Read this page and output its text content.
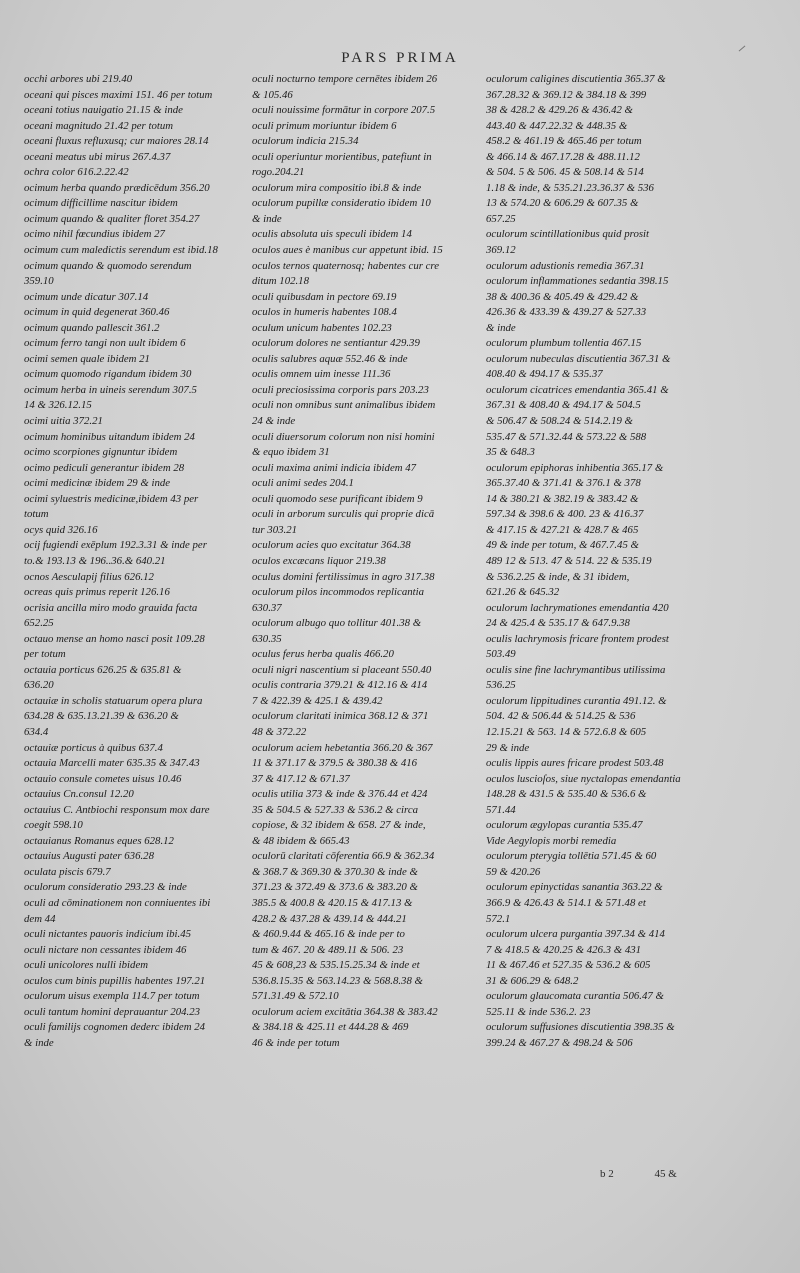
PARS PRIMA
occhi arbores ubi 219.40
oceani qui pisces maximi 151. 46 per totum
oceani totius nauigatio 21.15 & inde
oceani magnitudo 21.42 per totum
oceani fluxus refluxusq; cur maiores 28.14
oceani meatus ubi mirus 267.4.37
ochra color 616.2.22.42
ocimum herba quando prædicēdum 356.20
ocimum difficillime nascitur ibidem
ocimum quando & qualiter floret 354.27
ocimo nihil fœcundius ibidem 27
ocimum cum maledictis serendum est ibid.18
ocimum quando & quomodo serendum
359.10
ocimum unde dicatur 307.14
ocimum in quid degenerat 360.46
ocimum quando pallescit 361.2
ocimum ferro tangi non uult ibidem 6
ocimi semen quale ibidem 21
ocimum quomodo rigandum ibidem 30
ocimum herba in uineis serendum 307.5
14 & 326.12.15
ocimi uitia 372.21
ocimum hominibus uitandum ibidem 24
ocimo scorpiones gignuntur ibidem
ocimo pediculi generantur ibidem 28
ocimi medicinæ ibidem 29 & inde
ocimi syluestris medicinæ,ibidem 43 per
totum
ocys quid 326.16
ocij fugiendi exēplum 192.3.31 & inde per
to.& 193.13 & 196..36.& 640.21
ocnos Aesculapij filius 626.12
ocreas quis primus reperit 126.16
ocrisia ancilla miro modo grauida facta
652.25
octauo mense an homo nasci posit 109.28
per totum
octauia porticus 626.25 & 635.81 &
636.20
octauiæ in scholis statuarum opera plura
634.28 & 635.13.21.39 & 636.20 &
634.4
octauiæ porticus à quibus 637.4
octauia Marcelli mater 635.35 & 347.43
octauio consule cometes uisus 10.46
octauius Cn.consul 12.20
octauius C. Antbiochi responsum mox dare
coegit 598.10
octauianus Romanus eques 628.12
octauius Augusti pater 636.28
oculata piscis 679.7
oculorum consideratio 293.23 & inde
oculi ad cōminationem non conniuentes ibi
dem 44
oculi nictantes pauoris indicium ibi.45
oculi nictare non cessantes ibidem 46
oculi unicolores nulli ibidem
oculos cum binis pupillis habentes 197.21
oculorum uisus exempla 114.7 per totum
oculi tantum homini deprauantur 204.23
oculi familijs cognomen dederc ibidem 24
& inde
oculi nocturno tempore cernētes ibidem 26
& 105.46
oculi nouissime formātur in corpore 207.5
oculi primum moriuntur ibidem 6
oculorum indicia 215.34
oculi operiuntur morientibus, patefiunt in
rogo.204.21
oculorum mira compositio ibi.8 & inde
oculorum pupillæ consideratio ibidem 10
& inde
oculis absoluta uis speculi ibidem 14
oculos aues è manibus cur appetunt ibid. 15
oculos ternos quaternosq; habentes cur cre
ditum 102.18
oculi quibusdam in pectore 69.19
oculos in humeris habentes 108.4
oculum unicum habentes 102.23
oculorum dolores ne sentiantur 429.39
oculis salubres aquæ 552.46 & inde
oculis omnem uim inesse 111.36
oculi preciosissima corporis pars 203.23
oculi non omnibus sunt animalibus ibidem
24 & inde
oculi diuersorum colorum non nisi homini
& equo ibidem 31
oculi maxima animi indicia ibidem 47
oculi animi sedes 204.1
oculi quomodo sese purificant ibidem 9
oculi in arborum surculis qui proprie dicā
tur 303.21
oculorum acies quo excitatur 364.38
oculos excæcans liquor 219.38
oculus domini fertilissimus in agro 317.38
oculorum pilos incommodos replicantia
630.37
oculorum albugo quo tollitur 401.38 &
630.35
oculus ferus herba qualis 466.20
oculi nigri nascentium si placeant 550.40
oculis contraria 379.21 & 412.16 & 414
7 & 422.39 & 425.1 & 439.42
oculorum claritati inimica 368.12 & 371
48 & 372.22
oculorum aciem hebetantia 366.20 & 367
11 & 371.17 & 379.5 & 380.38 & 416
37 & 417.12 & 671.37
oculis utilia 373 & inde & 376.44 et 424
35 & 504.5 & 527.33 & 536.2 & circa
copiose, & 32 ibidem & 658. 27 & inde,
& 48 ibidem & 665.43
oculorū claritati cōferentia 66.9 & 362.34
& 368.7 & 369.30 & 370.30 & inde &
371.23 & 372.49 & 373.6 & 383.20 &
385.5 & 400.8 & 420.15 & 417.13 &
428.2 & 437.28 & 439.14 & 444.21
& 460.9.44 & 465.16 & inde per to
tum & 467. 20 & 489.11 & 506. 23
45 & 608,23 & 535.15.25.34 & inde et
536.8.15.35 & 563.14.23 & 568.8.38 &
571.31.49 & 572.10
oculorum aciem excitātia 364.38 & 383.42
& 384.18 & 425.11 et 444.28 & 469
46 & inde per totum
oculorum caligines discutientia 365.37 &
367.28.32 & 369.12 & 384.18 & 399
38 & 428.2 & 429.26 & 436.42 &
443.40 & 447.22.32 & 448.35 &
458.2 & 461.19 & 465.46 per totum
& 466.14 & 467.17.28 & 488.11.12
& 504. 5 & 506. 45 & 508.14 & 514
1.18 & inde, & 535.21.23.36.37 & 536
13 & 574.20 & 606.29 & 607.35 &
657.25
oculorum scintillationibus quid prosit
369.12
oculorum adustionis remedia 367.31
oculorum inflammationes sedantia 398.15
38 & 400.36 & 405.49 & 429.42 &
426.36 & 433.39 & 439.27 & 527.33
& inde
oculorum plumbum tollentia 467.15
oculorum nubeculas discutientia 367.31 &
408.40 & 494.17 & 535.37
oculorum cicatrices emendantia 365.41 &
367.31 & 408.40 & 494.17 & 504.5
& 506.47 & 508.24 & 514.2.19 &
535.47 & 571.32.44 & 573.22 & 588
35 & 648.3
oculorum epiphoras inhibentia 365.17 &
365.37.40 & 371.41 & 376.1 & 378
14 & 380.21 & 382.19 & 383.42 &
597.34 & 398.6 & 400. 23 & 416.37
& 417.15 & 427.21 & 428.7 & 465
49 & inde per totum, & 467.7.45 &
489 12 & 513. 47 & 514. 22 & 535.19
& 536.2.25 & inde, & 31 ibidem,
621.26 & 645.32
oculorum lachrymationes emendantia 420
24 & 425.4 & 535.17 & 647.9.38
oculis lachrymosis fricare frontem prodest
503.49
oculis sine fine lachrymantibus utilissima
536.25
oculorum lippitudines curantia 491.12. &
504. 42 & 506.44 & 514.25 & 536
12.15.21 & 563. 14 & 572.6.8 & 605
29 & inde
oculis lippis aures fricare prodest 503.48
oculos luscioſos, siue nyctalopas emendantia
148.28 & 431.5 & 535.40 & 536.6 &
571.44
oculorum ægylopas curantia 535.47
Vide Aegylopis morbi remedia
oculorum pterygia tollētia 571.45 & 60
59 & 420.26
oculorum epinyctidas sanantia 363.22 &
366.9 & 426.43 & 514.1 & 571.48 et
572.1
oculorum ulcera purgantia 397.34 & 414
7 & 418.5 & 420.25 & 426.3 & 431
11 & 467.46 et 527.35 & 536.2 & 605
31 & 606.29 & 648.2
oculorum glaucomata curantia 506.47 &
525.11 & inde 536.2. 23
oculorum suffusiones discutientia 398.35 &
399.24 & 467.27 & 498.24 & 506
b 2	45 &
